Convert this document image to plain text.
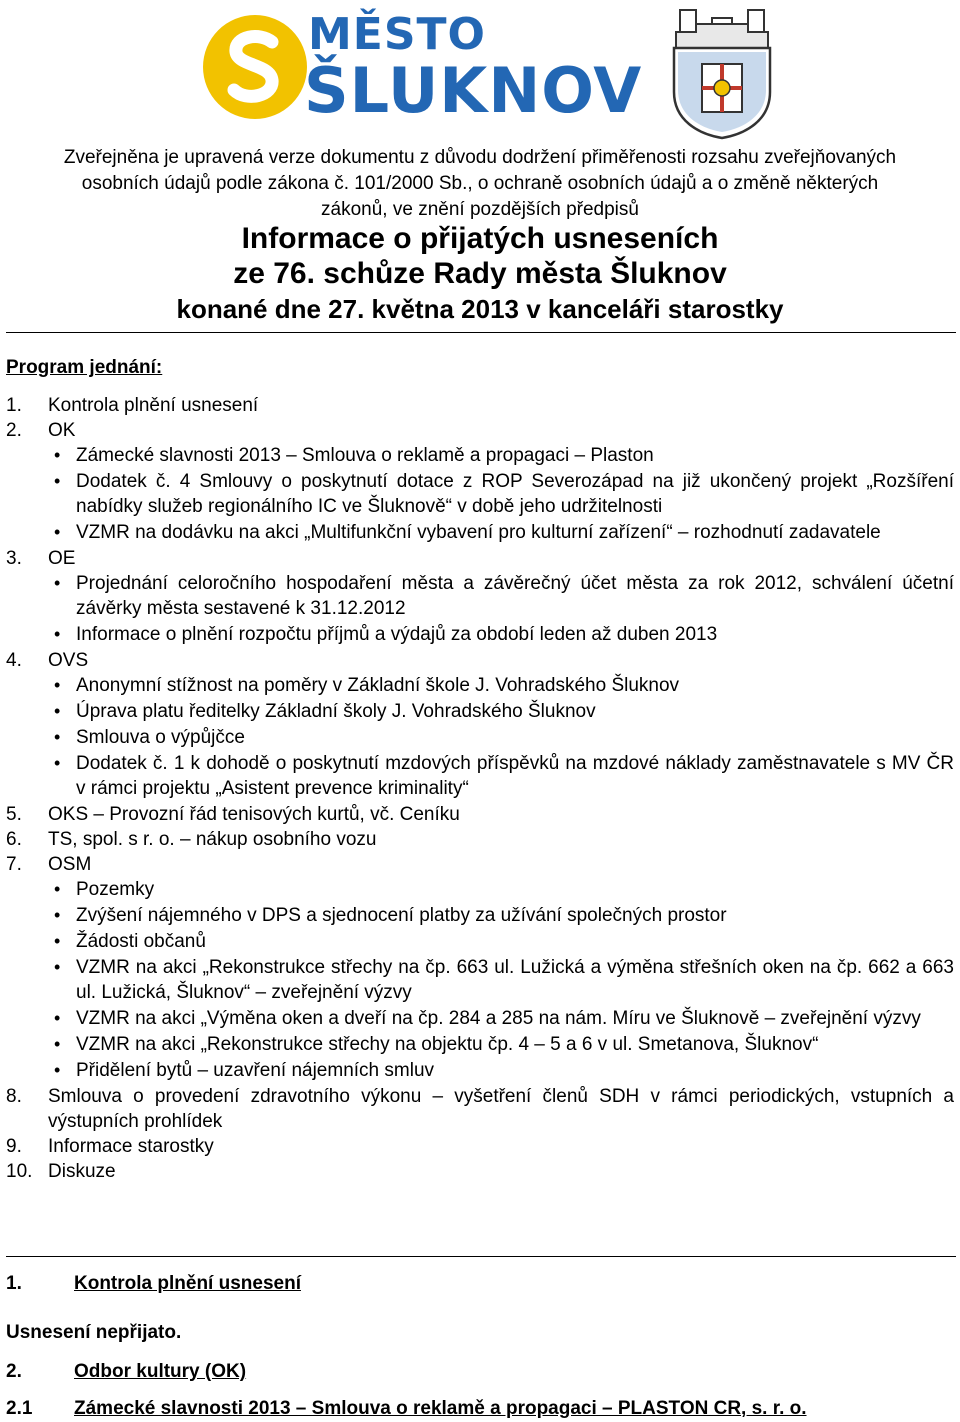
MĚSTO
ŠLUKNOV
Zveřejněna je upravená verze dokumentu z důvodu dodržení přiměřenosti rozsahu zveřejňovaných
osobních údajů podle zákona č. 101/2000 Sb., o ochraně osobních údajů a o změně některých
zákonů, ve znění pozdějších předpisů
Informace o přijatých usneseních
ze 76. schůze Rady města Šluknov
konané dne 27. května 2013 v kanceláři starostky
Program jednání:
1. Kontrola plnění usnesení
2. OK
• Zámecké slavnosti 2013 – Smlouva o reklamě a propagaci – Plaston
• Dodatek č. 4 Smlouvy o poskytnutí dotace z ROP Severozápad na již ukončený projekt „Rozšíření nabídky služeb regionálního IC ve Šluknově“ v době jeho udržitelnosti
• VZMR na dodávku na akci „Multifunkční vybavení pro kulturní zařízení“ – rozhodnutí zadavatele
3. OE
• Projednání celoročního hospodaření města a závěrečný účet města za rok 2012, schválení účetní závěrky města sestavené k 31.12.2012
• Informace o plnění rozpočtu příjmů a výdajů za období leden až duben 2013
4. OVS
• Anonymní stížnost na poměry v Základní škole J. Vohradského Šluknov
• Úprava platu ředitelky Základní školy J. Vohradského Šluknov
• Smlouva o výpůjčce
• Dodatek č. 1 k dohodě o poskytnutí mzdových příspěvků na mzdové náklady zaměstnavatele s MV ČR v rámci projektu „Asistent prevence kriminality“
5. OKS – Provozní řád tenisových kurtů, vč. Ceníku
6. TS, spol. s r. o. – nákup osobního vozu
7. OSM
• Pozemky
• Zvýšení nájemného v DPS a sjednocení platby za užívání společných prostor
• Žádosti občanů
• VZMR na akci „Rekonstrukce střechy na čp. 663 ul. Lužická a výměna střešních oken na čp. 662 a 663 ul. Lužická, Šluknov“ – zveřejnění výzvy
• VZMR na akci „Výměna oken a dveří na čp. 284 a 285 na nám. Míru ve Šluknově – zveřejnění výzvy
• VZMR na akci „Rekonstrukce střechy na objektu čp. 4 – 5 a 6 v ul. Smetanova, Šluknov“
• Přidělení bytů – uzavření nájemních smluv
8. Smlouva o provedení zdravotního výkonu – vyšetření členů SDH v rámci periodických, vstupních a výstupních prohlídek
9. Informace starostky
10. Diskuze
1.	Kontrola plnění usnesení
Usnesení nepřijato.
2.	Odbor kultury (OK)
2.1 Zámecké slavnosti 2013 – Smlouva o reklamě a propagaci – PLASTON CR, s. r. o.
